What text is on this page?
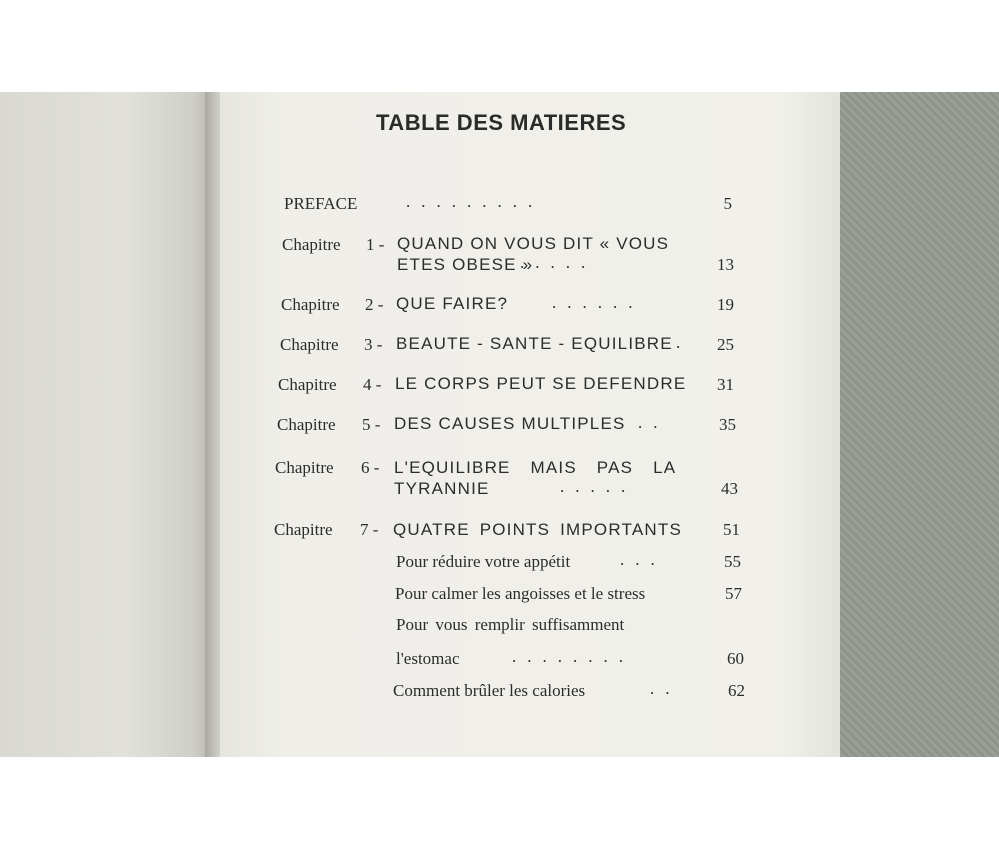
TABLE DES MATIERES
PREFACE	.........	5
Chapitre 1 - QUAND ON VOUS DIT « VOUS
ETES OBESE »
.....	13
Chapitre 2 - QUE FAIRE?	......	19
Chapitre 3 - BEAUTE - SANTE - EQUILIBRE .	25
Chapitre 4 - LE CORPS PEUT SE DEFENDRE	31
Chapitre 5 - DES CAUSES MULTIPLES ..	35
Chapitre 6 - L'EQUILIBRE MAIS PAS LA
TYRANNIE	.....	43
Chapitre 7 - QUATRE POINTS IMPORTANTS	51
Pour réduire votre appétit	...	55
Pour calmer les angoisses et le stress	57
Pour vous remplir suffisamment
l'estomac	........	60
Comment brûler les calories	..	62
